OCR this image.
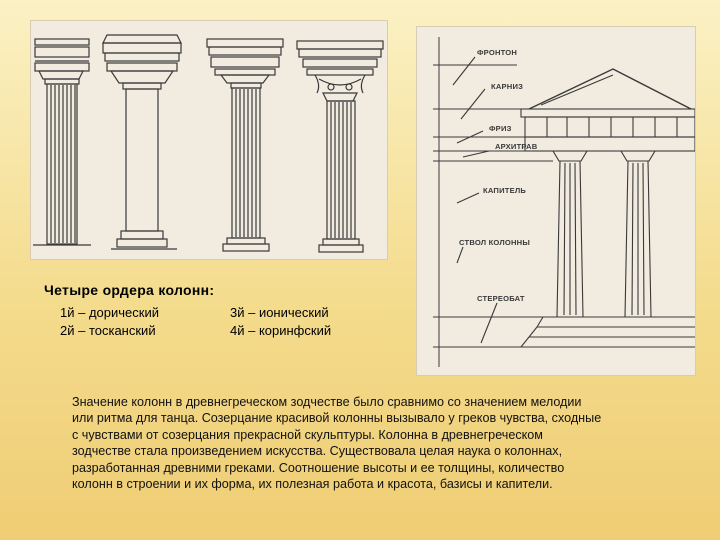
ФРОНТОН
КАРНИЗ
ФРИЗ
АРХИТРАВ
КАПИТЕЛЬ
СТВОЛ КОЛОННЫ
СТЕРЕОБАТ
Четыре ордера колонн:
1й – дорический	3й – ионический
2й – тосканский	4й – коринфский

Значение колонн в древнегреческом зодчестве было сравнимо со значением мелодии

или ритма для танца. Созерцание красивой колонны вызывало у греков чувства, сходные

с чувствами от созерцания прекрасной скульптуры. Колонна в древнегреческом

зодчестве стала произведением искусства. Существовала целая наука о колоннах,

разработанная древними греками. Соотношение высоты и ее толщины, количество

колонн в строении и их форма, их полезная работа и красота, базисы и капители.
